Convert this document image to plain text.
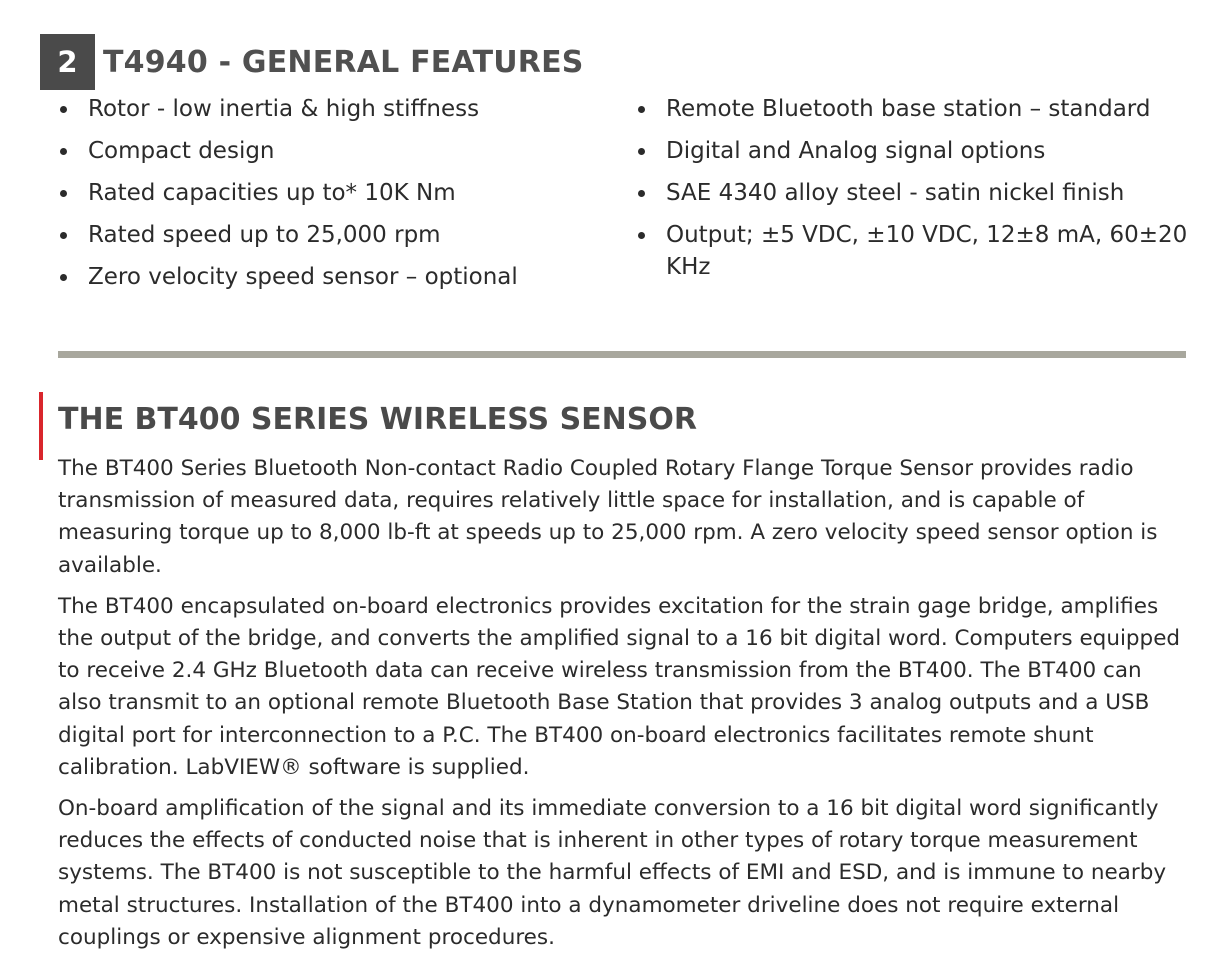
2 T4940 - GENERAL FEATURES
Rotor - low inertia & high stiffness
Compact design
Rated capacities up to* 10K Nm
Rated speed up to 25,000 rpm
Zero velocity speed sensor – optional
Remote Bluetooth base station – standard
Digital and Analog signal options
SAE 4340 alloy steel - satin nickel finish
Output; ±5 VDC, ±10 VDC, 12±8 mA, 60±20 KHz
THE BT400 SERIES WIRELESS SENSOR

The BT400 Series Bluetooth Non-contact Radio Coupled Rotary Flange Torque Sensor provides radio transmission of measured data, requires relatively little space for installation, and is capable of measuring torque up to 8,000 lb-ft at speeds up to 25,000 rpm. A zero velocity speed sensor option is available.

The BT400 encapsulated on-board electronics provides excitation for the strain gage bridge, amplifies the output of the bridge, and converts the amplified signal to a 16 bit digital word. Computers equipped to receive 2.4 GHz Bluetooth data can receive wireless transmission from the BT400. The BT400 can also transmit to an optional remote Bluetooth Base Station that provides 3 analog outputs and a USB digital port for interconnection to a P.C. The BT400 on-board electronics facilitates remote shunt calibration. LabVIEW® software is supplied.

On-board amplification of the signal and its immediate conversion to a 16 bit digital word significantly reduces the effects of conducted noise that is inherent in other types of rotary torque measurement systems. The BT400 is not susceptible to the harmful effects of EMI and ESD, and is immune to nearby metal structures. Installation of the BT400 into a dynamometer driveline does not require external couplings or expensive alignment procedures.
